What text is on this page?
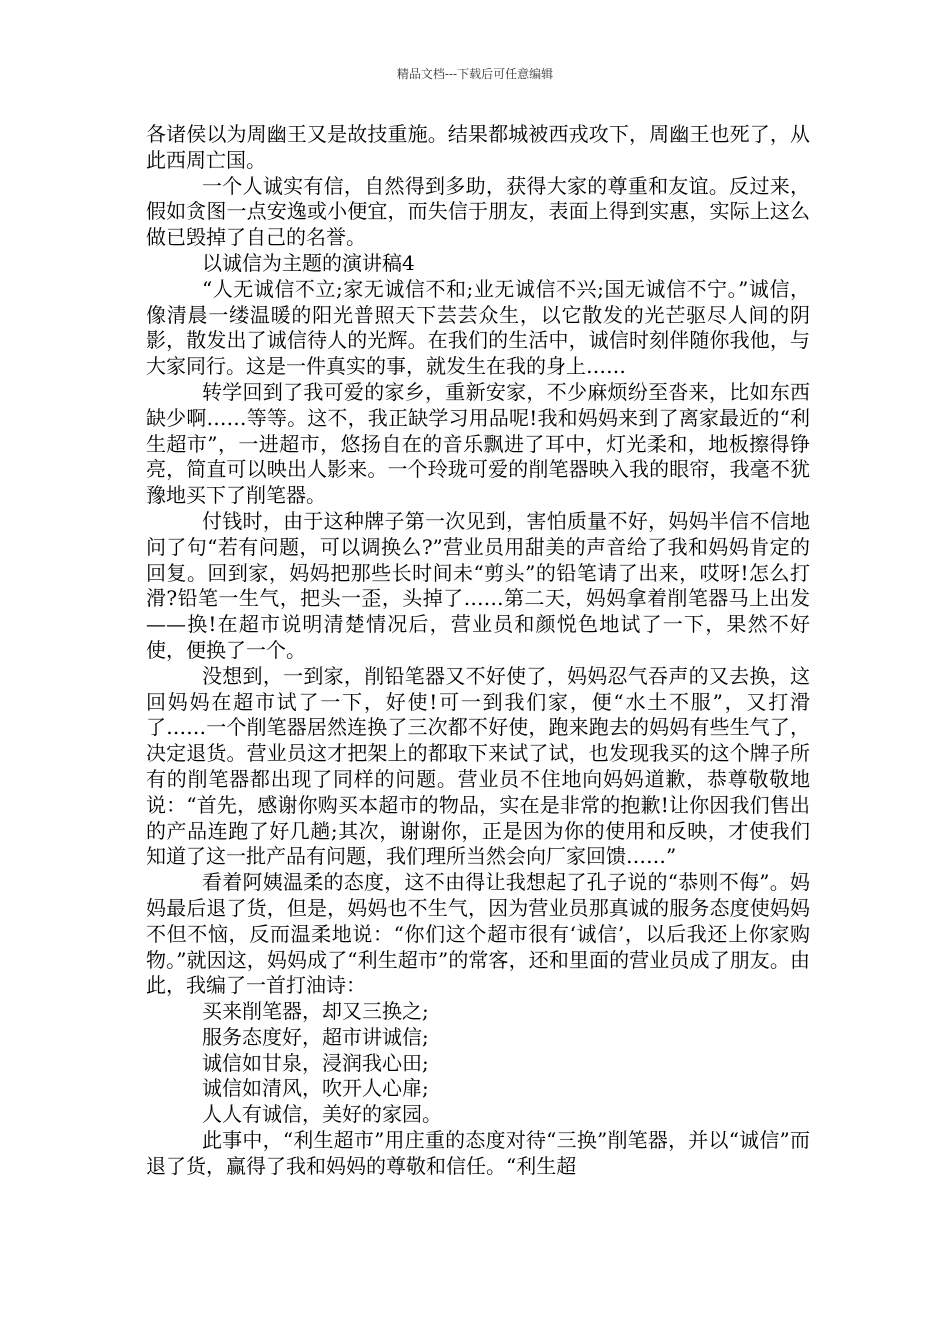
精品文档---下载后可任意编辑

各诸侯以为周幽王又是故技重施。结果都城被西戎攻下，周幽王也死了，从此西周亡国。

一个人诚实有信，自然得到多助，获得大家的尊重和友谊。反过来，假如贪图一点安逸或小便宜，而失信于朋友，表面上得到实惠，实际上这么做已毁掉了自己的名誉。

以诚信为主题的演讲稿4

“人无诚信不立;家无诚信不和;业无诚信不兴;国无诚信不宁。”诚信，像清晨一缕温暖的阳光普照天下芸芸众生，以它散发的光芒驱尽人间的阴影，散发出了诚信待人的光辉。在我们的生活中，诚信时刻伴随你我他，与大家同行。这是一件真实的事，就发生在我的身上……

转学回到了我可爱的家乡，重新安家，不少麻烦纷至沓来，比如东西缺少啊……等等。这不，我正缺学习用品呢!我和妈妈来到了离家最近的“利生超市”，一进超市，悠扬自在的音乐飘进了耳中，灯光柔和，地板擦得铮亮，简直可以映出人影来。一个玲珑可爱的削笔器映入我的眼帘，我毫不犹豫地买下了削笔器。

付钱时，由于这种牌子第一次见到，害怕质量不好，妈妈半信不信地问了句“若有问题，可以调换么?”营业员用甜美的声音给了我和妈妈肯定的回复。回到家，妈妈把那些长时间未“剪头”的铅笔请了出来，哎呀!怎么打滑?铅笔一生气，把头一歪，头掉了……第二天，妈妈拿着削笔器马上出发——换!在超市说明清楚情况后，营业员和颜悦色地试了一下，果然不好使，便换了一个。

没想到，一到家，削铅笔器又不好使了，妈妈忍气吞声的又去换，这回妈妈在超市试了一下，好使!可一到我们家，便“水土不服”，又打滑了……一个削笔器居然连换了三次都不好使，跑来跑去的妈妈有些生气了，决定退货。营业员这才把架上的都取下来试了试，也发现我买的这个牌子所有的削笔器都出现了同样的问题。营业员不住地向妈妈道歉，恭尊敬敬地说：“首先，感谢你购买本超市的物品，实在是非常的抱歉!让你因我们售出的产品连跑了好几趟;其次，谢谢你，正是因为你的使用和反映，才使我们知道了这一批产品有问题，我们理所当然会向厂家回馈……”

看着阿姨温柔的态度，这不由得让我想起了孔子说的“恭则不侮”。妈妈最后退了货，但是，妈妈也不生气，因为营业员那真诚的服务态度使妈妈不但不恼，反而温柔地说：“你们这个超市很有‘诚信’，以后我还上你家购物。”就因这，妈妈成了“利生超市”的常客，还和里面的营业员成了朋友。由此，我编了一首打油诗：

买来削笔器，却又三换之;

服务态度好，超市讲诚信;

诚信如甘泉，浸润我心田;

诚信如清风，吹开人心扉;

人人有诚信，美好的家园。

此事中，“利生超市”用庄重的态度对待“三换”削笔器，并以“诚信”而退了货，赢得了我和妈妈的尊敬和信任。“利生超
